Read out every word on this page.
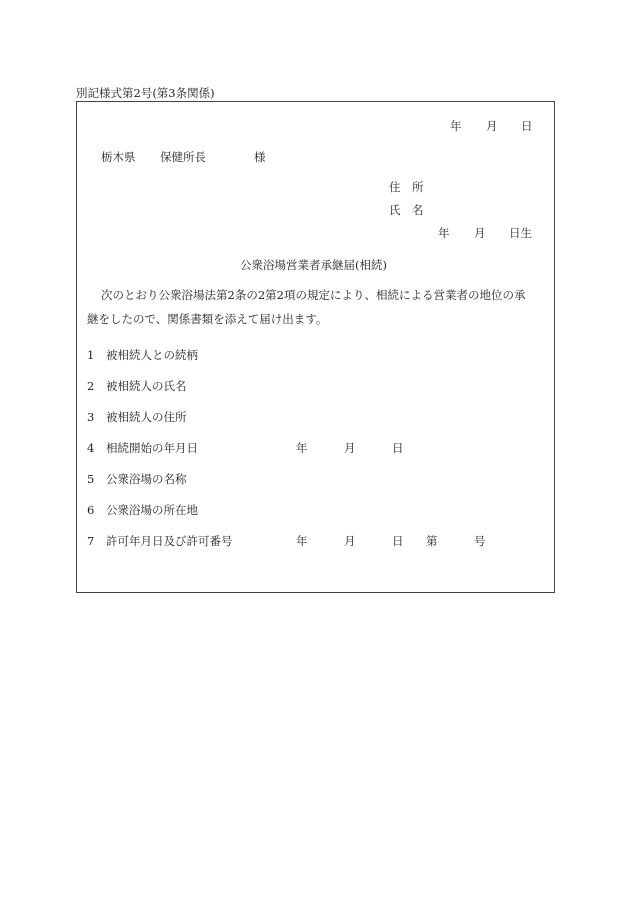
別記様式第2号(第3条関係)
年 月 日
栃木県 保健所長	様
住　所
氏　名
年 月 日生
公衆浴場営業者承継届(相続)
次のとおり公衆浴場法第2条の2第2項の規定により、相続による営業者の地位の承
継をしたので、関係書類を添えて届け出ます。
1 被相続人との続柄
2 被相続人の氏名
3 被相続人の住所
4 相続開始の年月日	年	月	日
5 公衆浴場の名称
6 公衆浴場の所在地
7 許可年月日及び許可番号	年	月	日 第	号
